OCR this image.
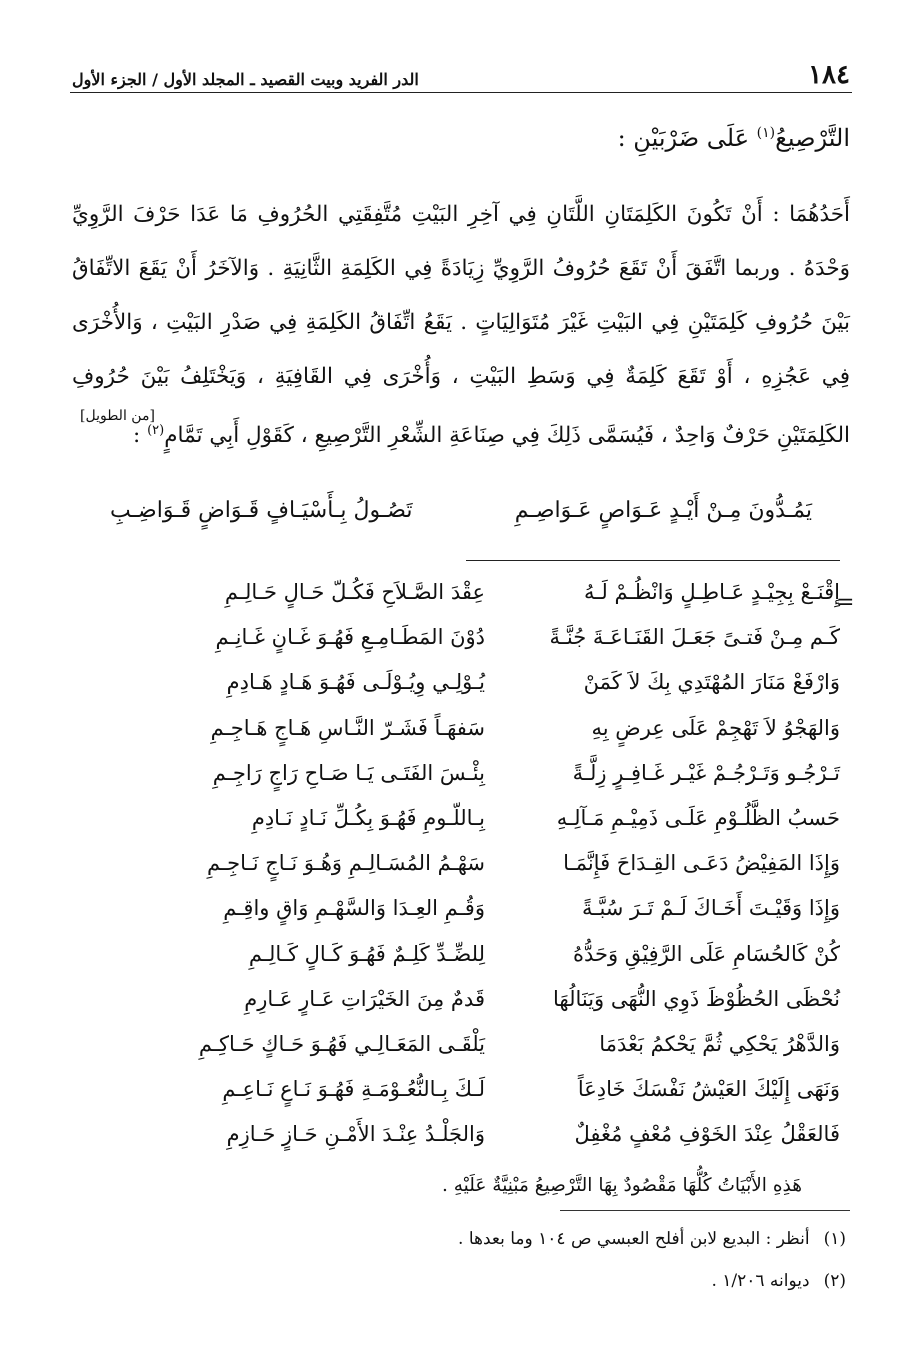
١٨٤
الدر الفريد وبيت القصيد ـ المجلد الأول / الجزء الأول
التَّرْصِيعُ$^{(١)}$ عَلَى ضَرْبَيْنِ :
أَحَدُهُمَا : أَنْ تَكُونَ الكَلِمَتَانِ اللَّتَانِ فِي آخِرِ البَيْتِ مُتَّفِقَتِي الحُرُوفِ مَا عَدَا حَرْفَ الرَّوِيِّ وَحْدَهُ . وربما اتَّفَقَ أَنْ تَقَعَ حُرُوفُ الرَّوِيِّ زِيَادَةً فِي الكَلِمَةِ الثَّانِيَةِ . وَالآخَرُ أَنْ يَقَعَ الاتِّفَاقُ بَيْنَ حُرُوفِ كَلِمَتَيْنِ فِي البَيْتِ غَيْرَ مُتَوَالِيَاتٍ . يَقَعُ اتِّفَاقُ الكَلِمَةِ فِي صَدْرِ البَيْتِ ، وَالأُخْرَى فِي عَجُزِهِ ، أَوْ تَقَعَ كَلِمَةٌ فِي وَسَطِ البَيْتِ ، وَأُخْرَى فِي القَافِيَةِ ، وَيَخْتَلِفُ بَيْنَ حُرُوفِ الكَلِمَتَيْنِ حَرْفٌ وَاحِدٌ ، فَيُسَمَّى ذَلِكَ فِي صِنَاعَةِ الشِّعْرِ التَّرْصِيعِ ، كَقَوْلِ أَبِي تَمَّامٍ$^{(٢)}$ :
[من الطويل]
يَمُـدُّونَ مِـنْ أَيْـدٍ عَـوَاصٍ عَـوَاصِـمِ
تَصُـولُ بِـأَسْيَـافٍ قَـوَاضٍ قَـوَاضِـبِ
=
إِقْنَـعْ بِجِيْـدٍ عَـاطِـلٍ وَانْظُـمْ لَـهُ
عِقْدَ الصَّـلاَحِ فَكُـلّ حَـالٍ حَـالِـمِ
كَـم مِـنْ فَتـىً جَعَـلَ القَنَـاعَـةَ جُنَّـةً
دُوْنَ المَطَـامِـعِ فَهُـوَ غَـانٍ غَـانِـمِ
وَارْفَعْ مَنَارَ المُهْتَدِي بِكَ لاَ كَمَنْ
يُـوْلِـي وِيُـوْلَـى فَهُـوَ هَـادٍ هَـادِمِ
وَالهَجْوُ لاَ تَهْجِمْ عَلَى عِرضٍ بِهِ
سَفهَـاً فَشَـرّ النَّـاسِ هَـاجٍ هَـاجِـمِ
تَـرْجُـو وَتَـرْجُـمْ غَيْـر غَـافِـرٍ زِلَّـةً
بِئْـسَ الفَتَـى يَـا صَـاحِ رَاجٍ رَاجِـمِ
حَسبُ الظَّلُـوْمِ عَلَـى ذَمِيْـمِ مَـآلِـهِ
بِـاللّـومِ فَهُـوَ بِكُـلِّ نَـادٍ نَـادِمِ
وَإِذَا المَفِيْضُ دَعَـى القِـدَاحَ فَإِنَّمَـا
سَهْـمُ المُسَـالِـمِ وَهُـوَ نَـاجٍ نَـاجِـمِ
وَإِذَا وَقَيْـتَ أَخَـاكَ لَـمْ تَـرَ سُبَّـةً
وَقُـمِ العِـدَا وَالسَّهْـمِ وَاقٍ واقِـمِ
كُنْ كَالحُسَامِ عَلَى الرَّفِيْقِ وَحَدُّهُ
لِلضِّـدِّ كَلِـمٌ فَهُـوَ كَـالٍ كَـالِـمِ
نُحْظَى الحُظُوْظَ ذَوِي النُّهَى وَيَنَالُهَا
قَدمٌ مِنَ الخَيْرَاتِ عَـارٍ عَـارِمِ
وَالدَّهْرُ يَحْكِي ثُمَّ يَحْكمُ بَعْدَمَا
يَلْقَـى المَعَـالِـي فَهُـوَ حَـاكٍ حَـاكِـمِ
وَنَهَى إِلَيْكَ العَيْشُ نَفْسَكَ خَادِعَاً
لَـكَ بِـالنُّعُـوْمَـةِ فَهُـوَ نَـاعٍ نَـاعِـمِ
فَالعَقْلُ عِنْدَ الخَوْفِ مُعْفٍ مُغْفِلٌ
وَالجَلْـدُ عِنْـدَ الأَمْـنِ حَـازٍ حَـازِمِ
هَذِهِ الأَبْيَاتُ كُلُّهَا مَقْصُودٌ بِهَا التَّرْصِيعُ مَبْنِيَّةٌ عَلَيْهِ .
(١)
أنظر : البديع لابن أفلح العبسي ص ١٠٤ وما بعدها .
(٢)
ديوانه ١/٢٠٦ .
